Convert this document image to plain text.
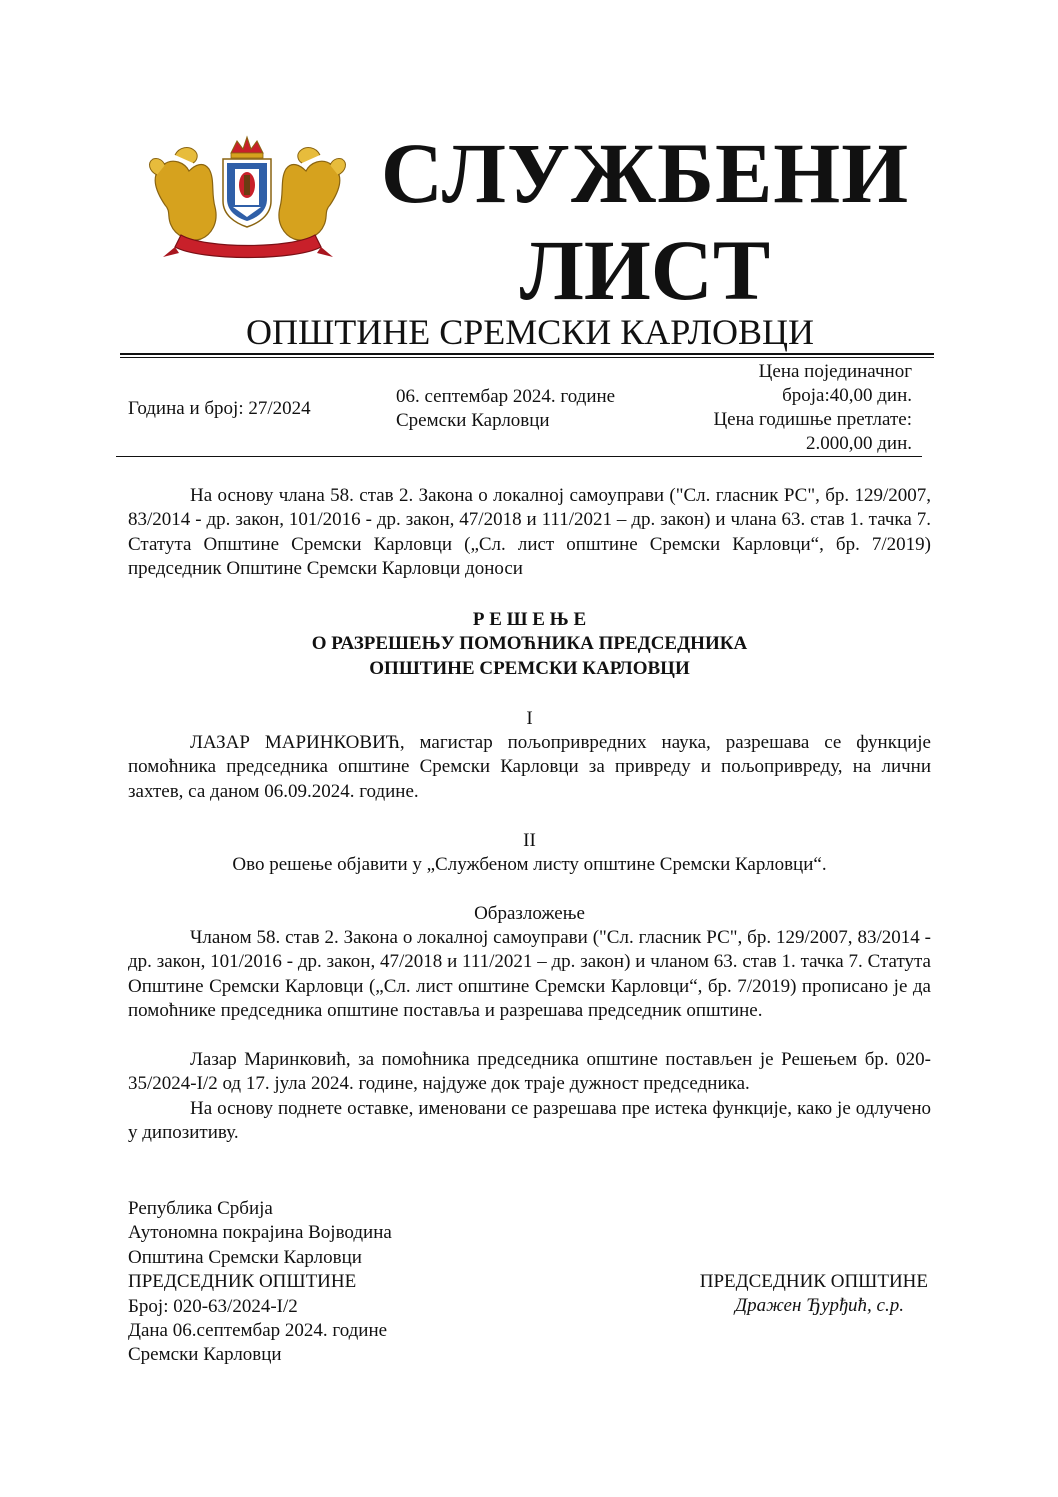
СЛУЖБЕНИ
ЛИСТ
ОПШТИНЕ СРЕМСКИ КАРЛОВЦИ
Година и број: 27/2024
06. септембар 2024. године
Сремски Карловци
Цена појединачног
броја:40,00 дин.
Цена годишње претлате:
2.000,00 дин.
На основу члана 58. став 2. Закона о локалној самоуправи ("Сл. гласник РС", бр. 129/2007, 83/2014 - др. закон, 101/2016 - др. закон, 47/2018 и 111/2021 – др. закон) и члана 63. став 1. тачка 7. Статута Општине Сремски Карловци („Сл. лист општине Сремски Карловци“, бр. 7/2019) председник Општине Сремски Карловци доноси
Р Е Ш Е Њ Е
О РАЗРЕШЕЊУ ПОМОЋНИКА ПРЕДСЕДНИКА
ОПШТИНЕ СРЕМСКИ КАРЛОВЦИ
I
ЛАЗАР МАРИНКОВИЋ, магистар пољопривредних наука, разрешава се функције помоћника председника општине Сремски Карловци за привреду и пољопривреду, на лични захтев, са даном 06.09.2024. године.
II
Ово решење објавити у „Службеном листу општине Сремски Карловци“.
Образложење
Чланом 58. став 2. Закона о локалној самоуправи ("Сл. гласник РС", бр. 129/2007, 83/2014 - др. закон, 101/2016 - др. закон, 47/2018 и 111/2021 – др. закон) и чланом 63. став 1. тачка 7. Статута Општине Сремски Карловци („Сл. лист општине Сремски Карловци“, бр. 7/2019) прописано је да помоћнике председника општине поставља и разрешава председник општине.
Лазар Маринковић, за помоћника председника општине постављен је Решењем бр. 020-35/2024-I/2 од 17. јула 2024. године, најдуже док траје дужност председника.
На основу поднете оставке, именовани се разрешава пре истека функције, како је одлучено у дипозитиву.
Република Србија
Аутономна покрајина Војводина
Општина Сремски Карловци
ПРЕДСЕДНИК ОПШТИНЕ
Број: 020-63/2024-I/2
Дана 06.септембар 2024. године
Сремски Карловци
ПРЕДСЕДНИК ОПШТИНЕ
Дражен Ђурђић, с.р.
